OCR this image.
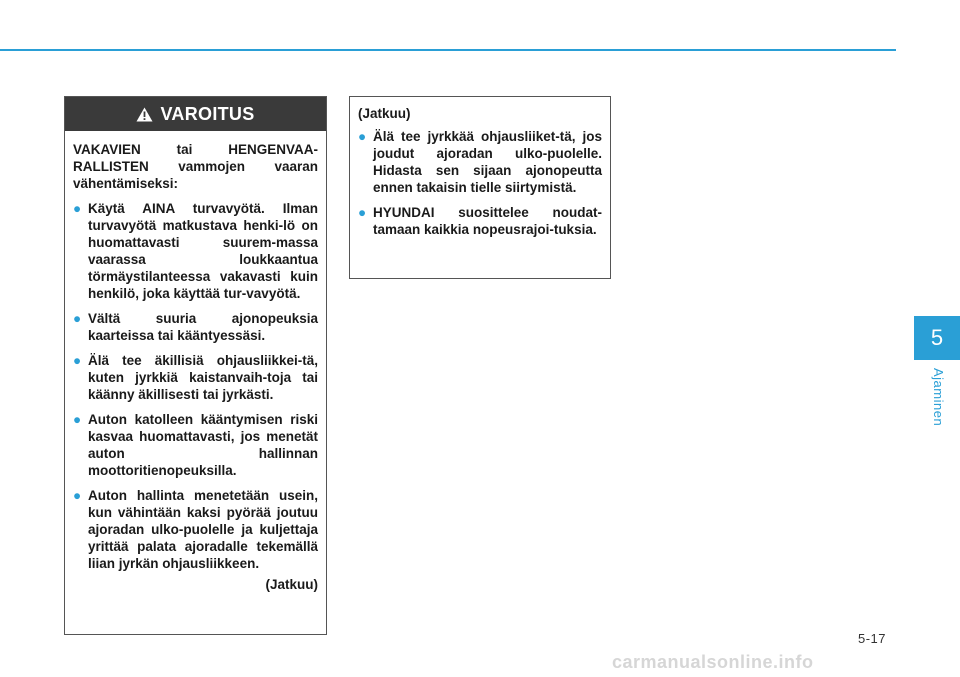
VAROITUS

VAKAVIEN tai HENGENVAA-RALLISTEN vammojen vaaran vähentämiseksi:

● Käytä AINA turvavyötä. Ilman turvavyötä matkustava henki-lö on huomattavasti suurem-massa vaarassa loukkaantua törmäystilanteessa vakavasti kuin henkilö, joka käyttää tur-vavyötä.
● Vältä suuria ajonopeuksia kaarteissa tai kääntyessäsi.
● Älä tee äkillisiä ohjausliikkei-tä, kuten jyrkkiä kaistanvaih-toja tai käänny äkillisesti tai jyrkästi.
● Auton katolleen kääntymisen riski kasvaa huomattavasti, jos menetät auton hallinnan moottoritienopeuksilla.
● Auton hallinta menetetään usein, kun vähintään kaksi pyörää joutuu ajoradan ulko-puolelle ja kuljettaja yrittää palata ajoradalle tekemällä liian jyrkän ohjausliikkeen.
(Jatkuu)

(Jatkuu)

● Älä tee jyrkkää ohjausliiket-tä, jos joudut ajoradan ulko-puolelle. Hidasta sen sijaan ajonopeutta ennen takaisin tielle siirtymistä.
● HYUNDAI suosittelee noudat-tamaan kaikkia nopeusrajoi-tuksia.
5
Ajaminen
5-17
carmanualsonline.info
